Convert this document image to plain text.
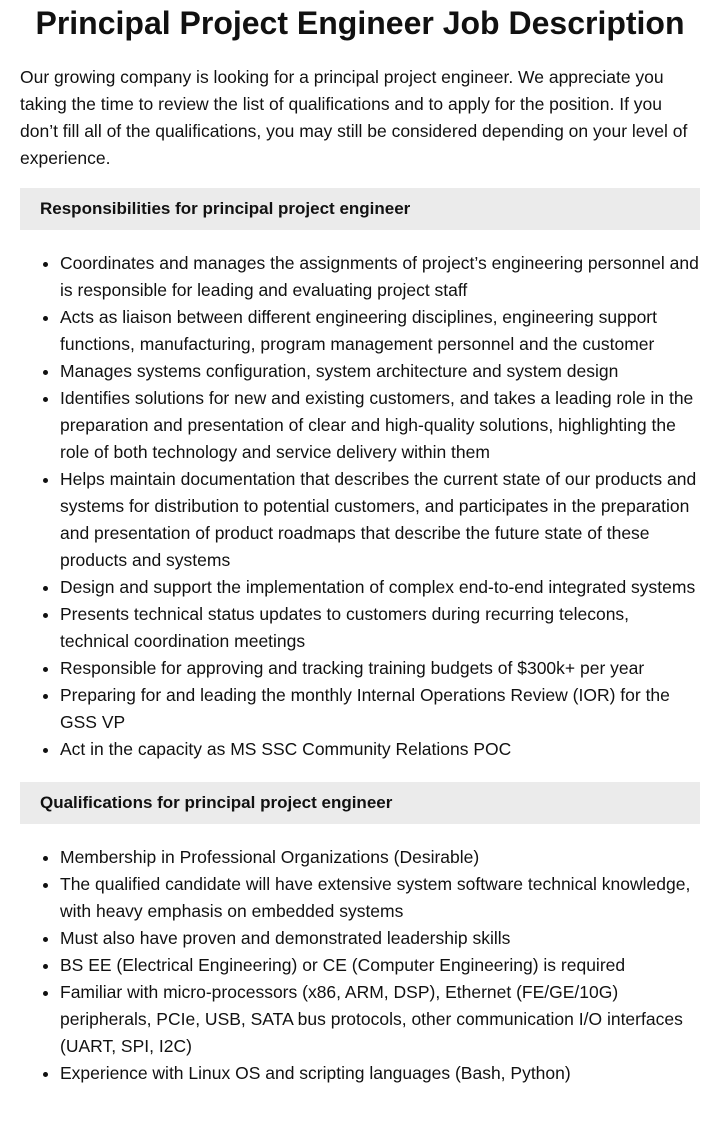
Principal Project Engineer Job Description

Our growing company is looking for a principal project engineer. We appreciate you taking the time to review the list of qualifications and to apply for the position. If you don’t fill all of the qualifications, you may still be considered depending on your level of experience.

Responsibilities for principal project engineer
• Coordinates and manages the assignments of project’s engineering personnel and is responsible for leading and evaluating project staff
• Acts as liaison between different engineering disciplines, engineering support functions, manufacturing, program management personnel and the customer
• Manages systems configuration, system architecture and system design
• Identifies solutions for new and existing customers, and takes a leading role in the preparation and presentation of clear and high-quality solutions, highlighting the role of both technology and service delivery within them
• Helps maintain documentation that describes the current state of our products and systems for distribution to potential customers, and participates in the preparation and presentation of product roadmaps that describe the future state of these products and systems
• Design and support the implementation of complex end-to-end integrated systems
• Presents technical status updates to customers during recurring telecons, technical coordination meetings
• Responsible for approving and tracking training budgets of $300k+ per year
• Preparing for and leading the monthly Internal Operations Review (IOR) for the GSS VP
• Act in the capacity as MS SSC Community Relations POC
Qualifications for principal project engineer
• Membership in Professional Organizations (Desirable)
• The qualified candidate will have extensive system software technical knowledge, with heavy emphasis on embedded systems
• Must also have proven and demonstrated leadership skills
• BS EE (Electrical Engineering) or CE (Computer Engineering) is required
• Familiar with micro-processors (x86, ARM, DSP), Ethernet (FE/GE/10G) peripherals, PCIe, USB, SATA bus protocols, other communication I/O interfaces (UART, SPI, I2C)
• Experience with Linux OS and scripting languages (Bash, Python)
